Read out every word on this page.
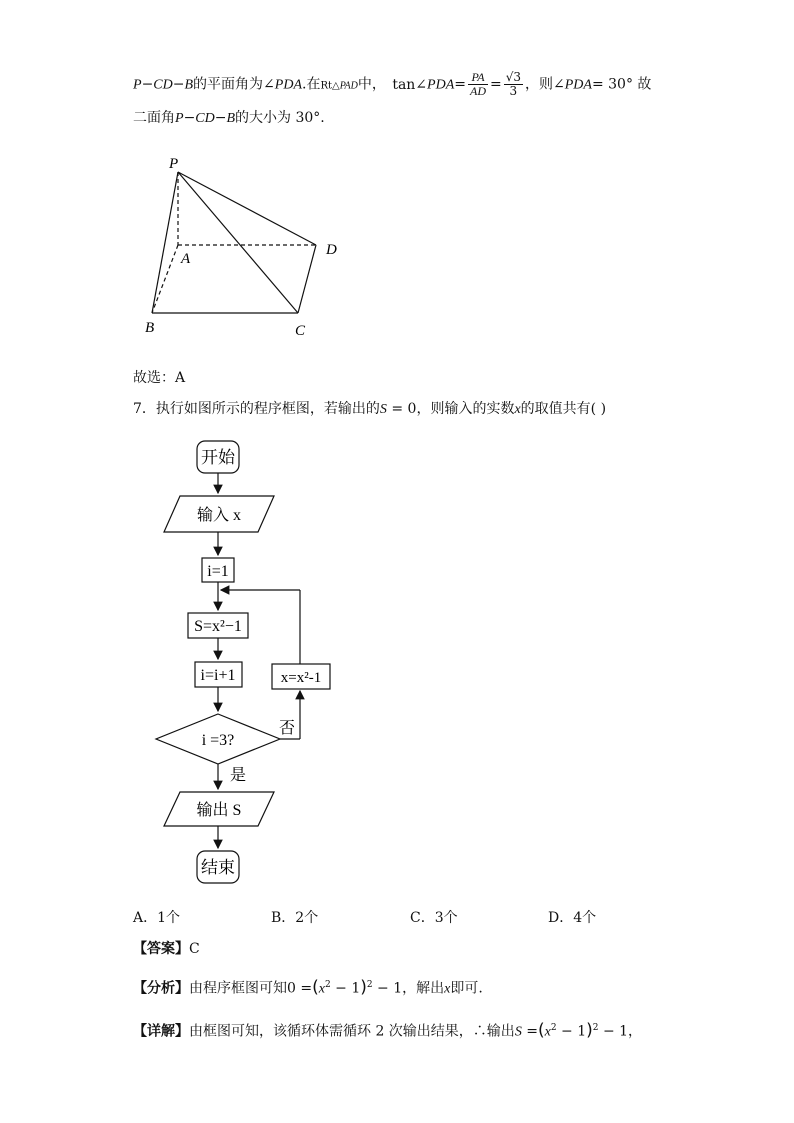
P−CD−B的平面角为∠PDA.在Rt△PAD中， tan∠PDA= $\frac{PA}{AD} = \frac{√3}{3}$ ，则∠PDA= 30° 故
二面角P−CD−B的大小为 30°.
P
A
D
B	C
故选：A
7．执行如图所示的程序框图，若输出的S = 0，则输入的实数x的取值共有( )
开始
输入 x
i=1
S=x²−1
i=i+1	x=x²-1
i =3?
否
是
输出 S
结束
A．1个	B．2个	C．3个	D．4个
【答案】C
【分析】由程序框图可知$0 =(x^2 - 1)^2 - 1$，解出x即可.
【详解】由框图可知，该循环体需循环 2 次输出结果，∴输出$S =(x^2 - 1)^2 - 1$，
